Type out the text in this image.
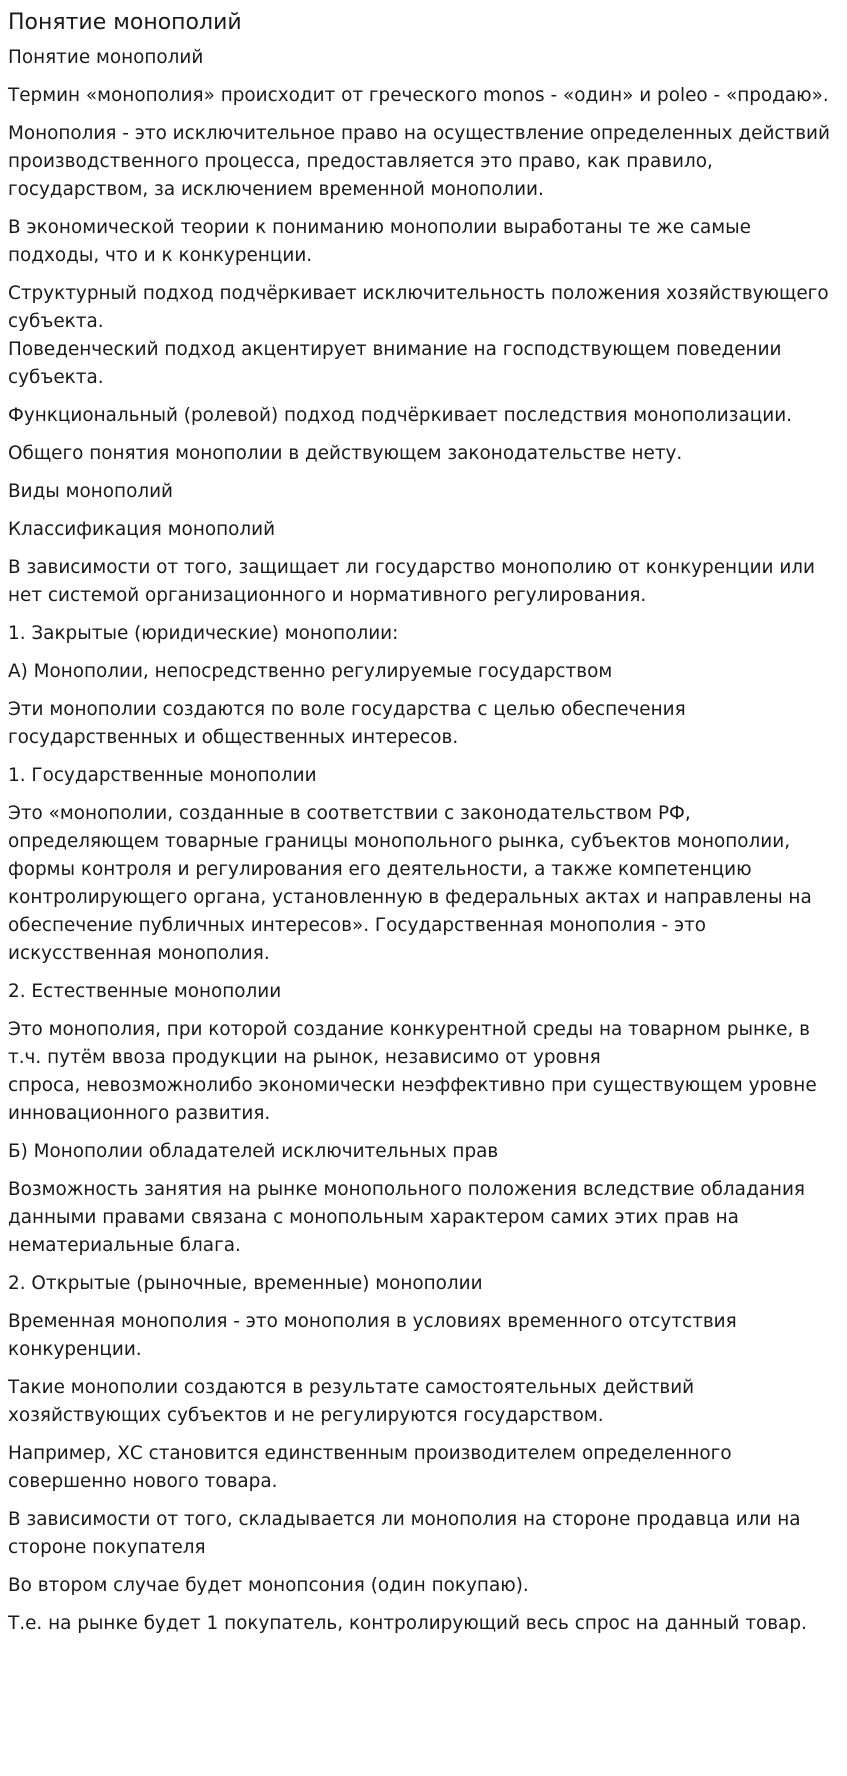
Понятие монополий

Понятие монополий

Термин «монополия» происходит от греческого monos - «один» и poleo - «продаю».

Монополия - это исключительное право на осуществление определенных действий производственного процесса, предоставляется это право, как правило, государством, за исключением временной монополии.

В экономической теории к пониманию монополии выработаны те же самые подходы, что и к конкуренции.

Структурный подход подчёркивает исключительность положения хозяйствующего субъекта.
Поведенческий подход акцентирует внимание на господствующем поведении субъекта.

Функциональный (ролевой) подход подчёркивает последствия монополизации.

Общего понятия монополии в действующем законодательстве нету.

Виды монополий

Классификация монополий

В зависимости от того, защищает ли государство монополию от конкуренции или нет системой организационного и нормативного регулирования.

1. Закрытые (юридические) монополии:

А) Монополии, непосредственно регулируемые государством

Эти монополии создаются по воле государства с целью обеспечения государственных и общественных интересов.

1. Государственные монополии

Это «монополии, созданные в соответствии с законодательством РФ, определяющем товарные границы монопольного рынка, субъектов монополии, формы контроля и регулирования его деятельности, а также компетенцию контролирующего органа, установленную в федеральных актах и направлены на обеспечение публичных интересов». Государственная монополия - это искусственная монополия.

2. Естественные монополии

Это монополия, при которой создание конкурентной среды на товарном рынке, в т.ч. путём ввоза продукции на рынок, независимо от уровня
спроса, невозможнолибо экономически неэффективно при существующем уровне инновационного развития.

Б) Монополии обладателей исключительных прав

Возможность занятия на рынке монопольного положения вследствие обладания данными правами связана с монопольным характером самих этих прав на нематериальные блага.

2. Открытые (рыночные, временные) монополии

Временная монополия - это монополия в условиях временного отсутствия конкуренции.

Такие монополии создаются в результате самостоятельных действий хозяйствующих субъектов и не регулируются государством.

Например, ХС становится единственным производителем определенного совершенно нового товара.

В зависимости от того, складывается ли монополия на стороне продавца или на стороне покупателя

Во втором случае будет монопсония (один покупаю).

Т.е. на рынке будет 1 покупатель, контролирующий весь спрос на данный товар.
